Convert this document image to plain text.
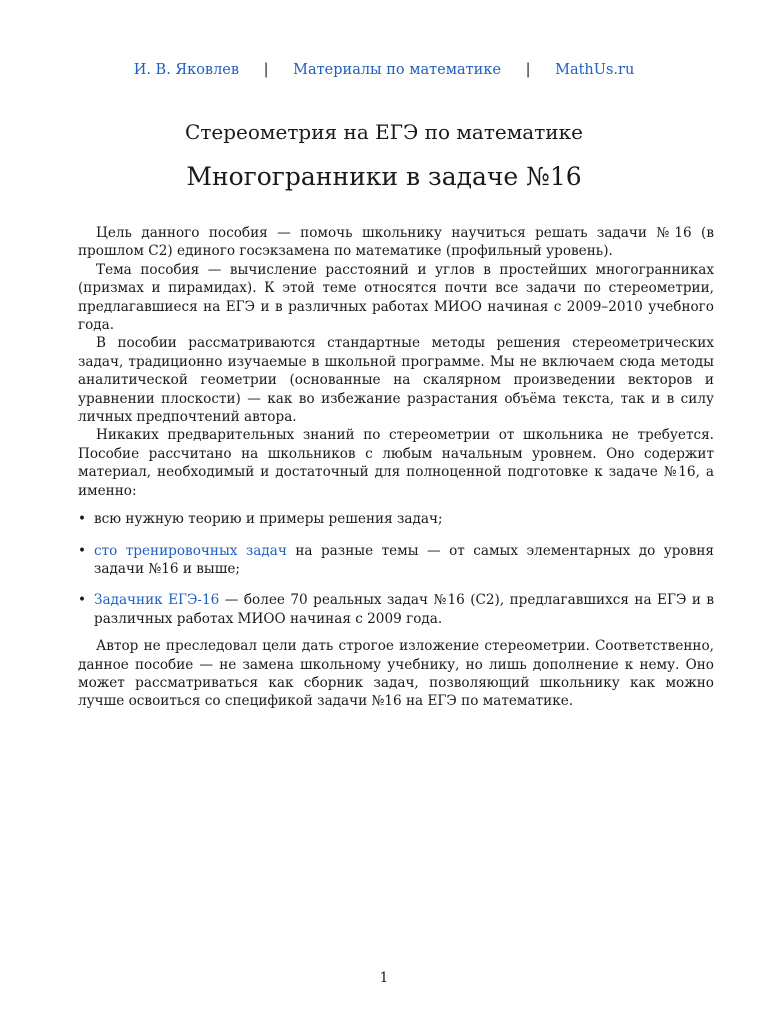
И. В. Яковлев | Материалы по математике | MathUs.ru
Стереометрия на ЕГЭ по математике
Многогранники в задаче №16

Цель данного пособия — помочь школьнику научиться решать задачи №16 (в прошлом C2) единого госэкзамена по математике (профильный уровень).

Тема пособия — вычисление расстояний и углов в простейших многогранниках (призмах и пирамидах). К этой теме относятся почти все задачи по стереометрии, предлагавшиеся на ЕГЭ и в различных работах МИОО начиная с 2009–2010 учебного года.

В пособии рассматриваются стандартные методы решения стереометрических задач, традиционно изучаемые в школьной программе. Мы не включаем сюда методы аналитической геометрии (основанные на скалярном произведении векторов и уравнении плоскости) — как во избежание разрастания объёма текста, так и в силу личных предпочтений автора.

Никаких предварительных знаний по стереометрии от школьника не требуется. Пособие рассчитано на школьников с любым начальным уровнем. Оно содержит материал, необходимый и достаточный для полноценной подготовке к задаче №16, а именно:

• всю нужную теорию и примеры решения задач;
• сто тренировочных задач на разные темы — от самых элементарных до уровня задачи №16 и выше;
• Задачник ЕГЭ-16 — более 70 реальных задач №16 (С2), предлагавшихся на ЕГЭ и в различных работах МИОО начиная с 2009 года.

Автор не преследовал цели дать строгое изложение стереометрии. Соответственно, данное пособие — не замена школьному учебнику, но лишь дополнение к нему. Оно может рассматриваться как сборник задач, позволяющий школьнику как можно лучше освоиться со спецификой задачи №16 на ЕГЭ по математике.

1
